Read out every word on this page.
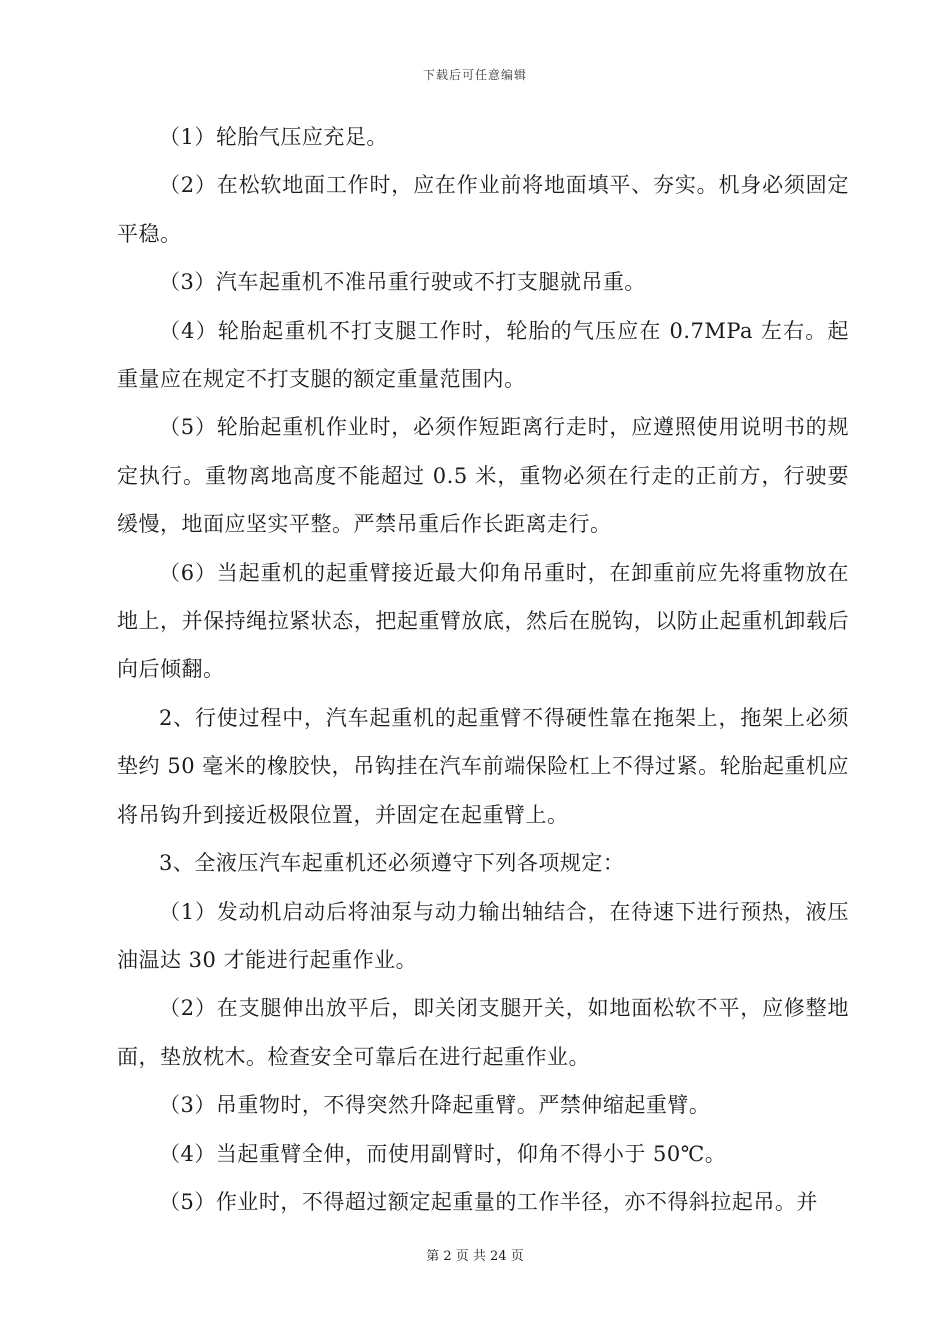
下载后可任意编辑

（1）轮胎气压应充足。

（2）在松软地面工作时，应在作业前将地面填平、夯实。机身必须固定平稳。

（3）汽车起重机不准吊重行驶或不打支腿就吊重。

（4）轮胎起重机不打支腿工作时，轮胎的气压应在 0.7MPa 左右。起重量应在规定不打支腿的额定重量范围内。

（5）轮胎起重机作业时，必须作短距离行走时，应遵照使用说明书的规定执行。重物离地高度不能超过 0.5 米，重物必须在行走的正前方，行驶要缓慢，地面应坚实平整。严禁吊重后作长距离走行。

（6）当起重机的起重臂接近最大仰角吊重时，在卸重前应先将重物放在地上，并保持绳拉紧状态，把起重臂放底，然后在脱钩，以防止起重机卸载后向后倾翻。

2、行使过程中，汽车起重机的起重臂不得硬性靠在拖架上，拖架上必须垫约 50 毫米的橡胶快，吊钩挂在汽车前端保险杠上不得过紧。轮胎起重机应将吊钩升到接近极限位置，并固定在起重臂上。

3、全液压汽车起重机还必须遵守下列各项规定：

（1）发动机启动后将油泵与动力输出轴结合，在待速下进行预热，液压油温达 30 才能进行起重作业。

（2）在支腿伸出放平后，即关闭支腿开关，如地面松软不平，应修整地面，垫放枕木。检查安全可靠后在进行起重作业。

（3）吊重物时，不得突然升降起重臂。严禁伸缩起重臂。

（4）当起重臂全伸，而使用副臂时，仰角不得小于 50℃。

（5）作业时，不得超过额定起重量的工作半径，亦不得斜拉起吊。并

第 2 页 共 24 页
